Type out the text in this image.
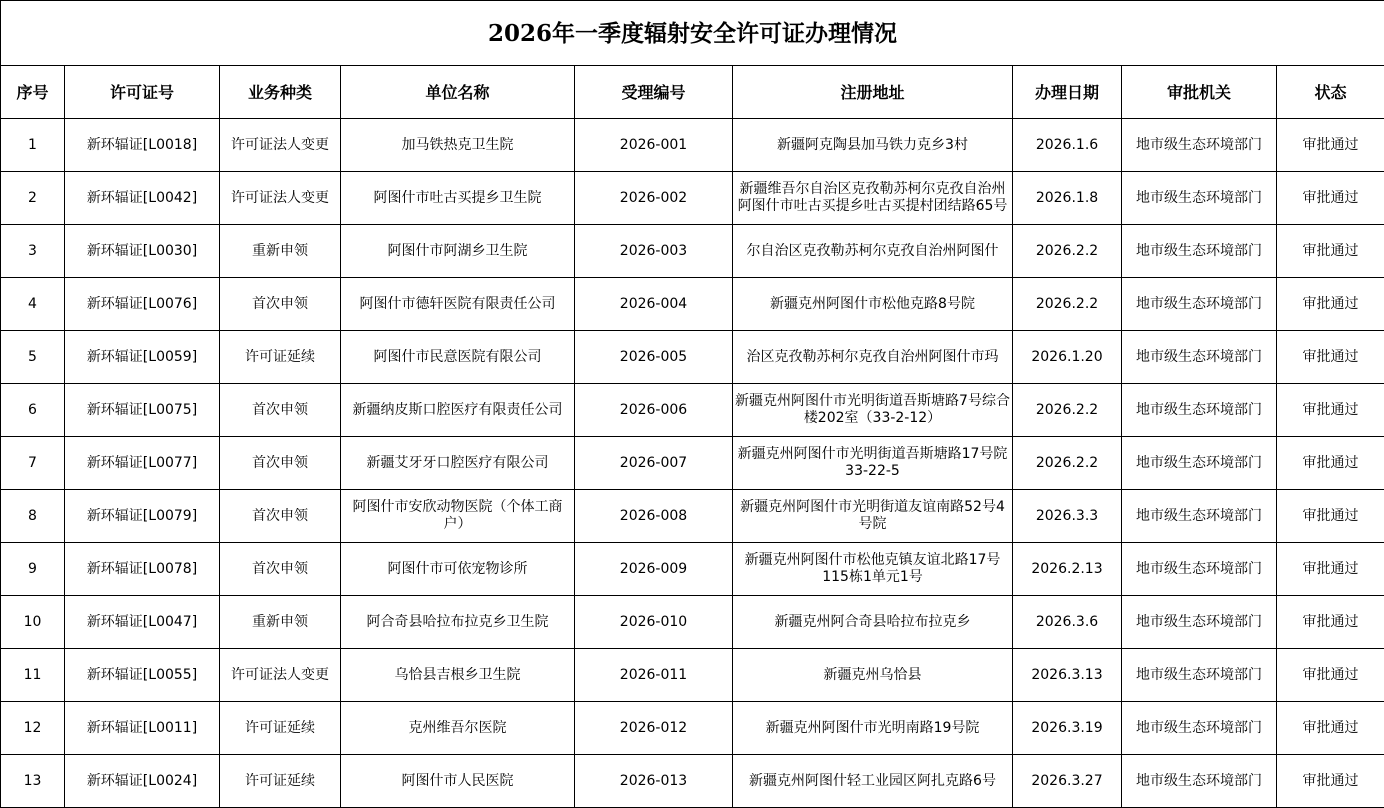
2026年一季度辐射安全许可证办理情况								
序号	许可证号	业务种类	单位名称	受理编号	注册地址	办理日期	审批机关	状态

1	新环辐证[L0018]	许可证法人变更	加马铁热克卫生院	2026-001	新疆阿克陶县加马铁力克乡3村	2026.1.6	地市级生态环境部门	审批通过

2	新环辐证[L0042]	许可证法人变更	阿图什市吐古买提乡卫生院	2026-002	新疆维吾尔自治区克孜勒苏柯尔克孜自治州阿图什市吐古买提乡吐古买提村团结路65号	2026.1.8	地市级生态环境部门	审批通过

3	新环辐证[L0030]	重新申领	阿图什市阿湖乡卫生院	2026-003	尔自治区克孜勒苏柯尔克孜自治州阿图什	2026.2.2	地市级生态环境部门	审批通过

4	新环辐证[L0076]	首次申领	阿图什市德轩医院有限责任公司	2026-004	新疆克州阿图什市松他克路8号院	2026.2.2	地市级生态环境部门	审批通过

5	新环辐证[L0059]	许可证延续	阿图什市民意医院有限公司	2026-005	治区克孜勒苏柯尔克孜自治州阿图什市玛	2026.1.20	地市级生态环境部门	审批通过

6	新环辐证[L0075]	首次申领	新疆纳皮斯口腔医疗有限责任公司	2026-006	新疆克州阿图什市光明街道吾斯塘路7号综合楼202室（33-2-12）	2026.2.2	地市级生态环境部门	审批通过

7	新环辐证[L0077]	首次申领	新疆艾牙牙口腔医疗有限公司	2026-007	新疆克州阿图什市光明街道吾斯塘路17号院33-22-5	2026.2.2	地市级生态环境部门	审批通过

8	新环辐证[L0079]	首次申领	阿图什市安欣动物医院（个体工商户）	2026-008	新疆克州阿图什市光明街道友谊南路52号4号院	2026.3.3	地市级生态环境部门	审批通过

9	新环辐证[L0078]	首次申领	阿图什市可依宠物诊所	2026-009	新疆克州阿图什市松他克镇友谊北路17号115栋1单元1号	2026.2.13	地市级生态环境部门	审批通过

10	新环辐证[L0047]	重新申领	阿合奇县哈拉布拉克乡卫生院	2026-010	新疆克州阿合奇县哈拉布拉克乡	2026.3.6	地市级生态环境部门	审批通过

11	新环辐证[L0055]	许可证法人变更	乌恰县吉根乡卫生院	2026-011	新疆克州乌恰县	2026.3.13	地市级生态环境部门	审批通过

12	新环辐证[L0011]	许可证延续	克州维吾尔医院	2026-012	新疆克州阿图什市光明南路19号院	2026.3.19	地市级生态环境部门	审批通过

13	新环辐证[L0024]	许可证延续	阿图什市人民医院	2026-013	新疆克州阿图什轻工业园区阿扎克路6号	2026.3.27	地市级生态环境部门	审批通过
